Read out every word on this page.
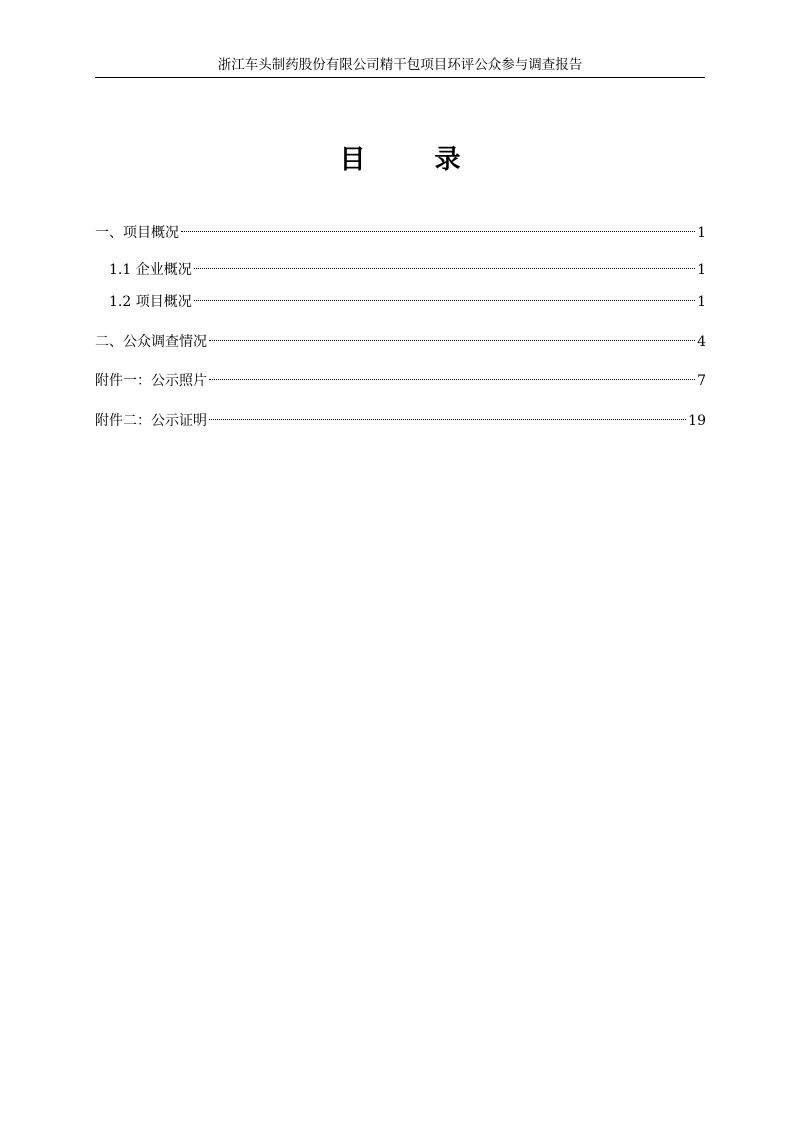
浙江车头制药股份有限公司精干包项目环评公众参与调查报告
目 录
一、项目概况	1
1.1 企业概况	1
1.2 项目概况	1
二、公众调查情况	4
附件一：公示照片	7
附件二：公示证明	19
